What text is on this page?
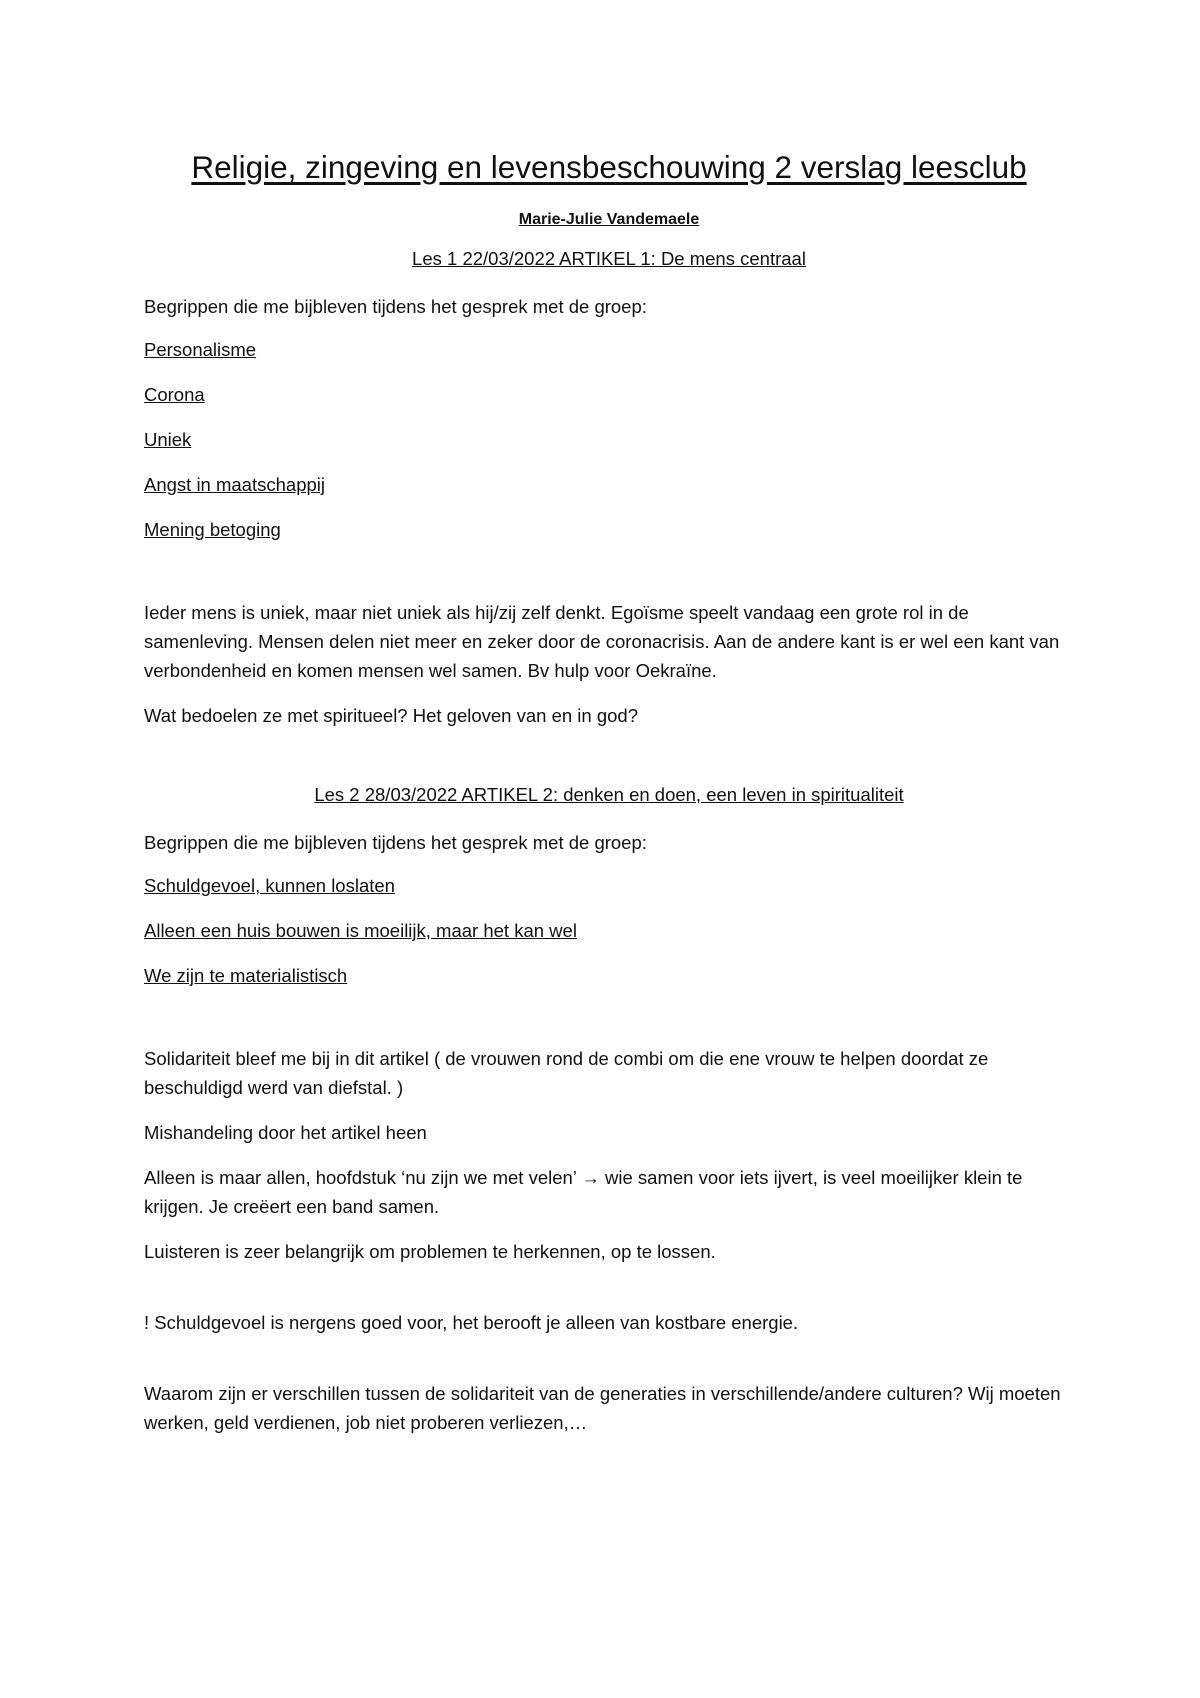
Religie, zingeving en levensbeschouwing 2 verslag leesclub
Marie-Julie Vandemaele
Les 1 22/03/2022 ARTIKEL 1: De mens centraal
Begrippen die me bijbleven tijdens het gesprek met de groep:
Personalisme
Corona
Uniek
Angst in maatschappij
Mening betoging
Ieder mens is uniek, maar niet uniek als hij/zij zelf denkt. Egoïsme speelt vandaag een grote rol in de samenleving. Mensen delen niet meer en zeker door de coronacrisis. Aan de andere kant is er wel een kant van verbondenheid en komen mensen wel samen. Bv hulp voor Oekraïne.
Wat bedoelen ze met spiritueel? Het geloven van en in god?
Les 2 28/03/2022 ARTIKEL 2: denken en doen, een leven in spiritualiteit
Begrippen die me bijbleven tijdens het gesprek met de groep:
Schuldgevoel, kunnen loslaten
Alleen een huis bouwen is moeilijk, maar het kan wel
We zijn te materialistisch
Solidariteit bleef me bij in dit artikel ( de vrouwen rond de combi om die ene vrouw te helpen doordat ze beschuldigd werd van diefstal. )
Mishandeling door het artikel heen
Alleen is maar allen, hoofdstuk ‘nu zijn we met velen’ → wie samen voor iets ijvert, is veel moeilijker klein te krijgen. Je creëert een band samen.
Luisteren is zeer belangrijk om problemen te herkennen, op te lossen.
! Schuldgevoel is nergens goed voor, het berooft je alleen van kostbare energie.
Waarom zijn er verschillen tussen de solidariteit van de generaties in verschillende/andere culturen? Wij moeten werken, geld verdienen, job niet proberen verliezen,…
